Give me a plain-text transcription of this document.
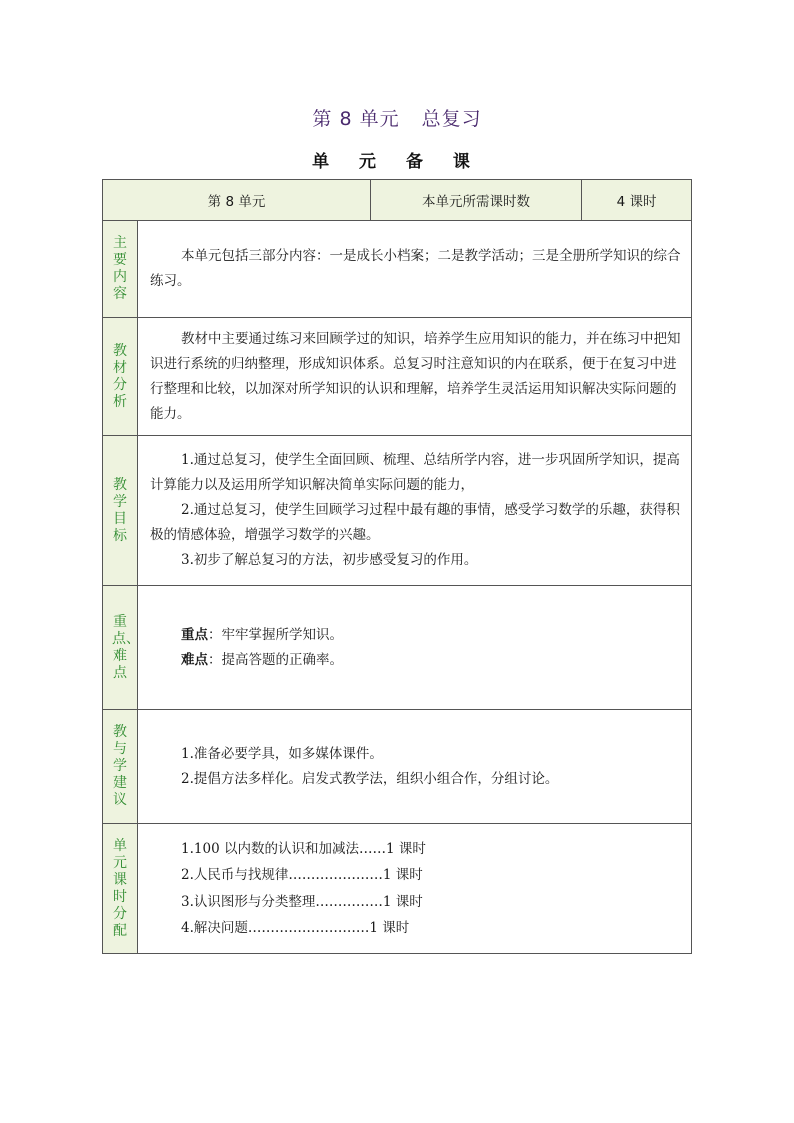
第 8 单元 总复习
单 元 备 课
第 8 单元		本单元所需课时数	4 课时
主要内容	本单元包括三部分内容：一是成长小档案；二是教学活动；三是全册所学知识的综合练习。		

教材分析	教材中主要通过练习来回顾学过的知识，培养学生应用知识的能力，并在练习中把知识进行系统的归纳整理，形成知识体系。总复习时注意知识的内在联系，便于在复习中进行整理和比较，以加深对所学知识的认识和理解，培养学生灵活运用知识解决实际问题的能力。		

教学目标	1.通过总复习，使学生全面回顾、梳理、总结所学内容，进一步巩固所学知识，提高计算能力以及运用所学知识解决简单实际问题的能力，

2.通过总复习，使学生回顾学习过程中最有趣的事情，感受学习数学的乐趣，获得积极的情感体验，增强学习数学的兴趣。

3.初步了解总复习的方法，初步感受复习的作用。		

重点、难点	重点：牢牢掌握所学知识。

难点：提高答题的正确率。		

教与学建议	1.准备必要学具，如多媒体课件。

2.提倡方法多样化。启发式教学法，组织小组合作，分组讨论。		

单元课时分配	1.100 以内数的认识和加减法……1 课时

2.人民币与找规律…………………1 课时

3.认识图形与分类整理……………1 课时

4.解决问题………………………1 课时		
